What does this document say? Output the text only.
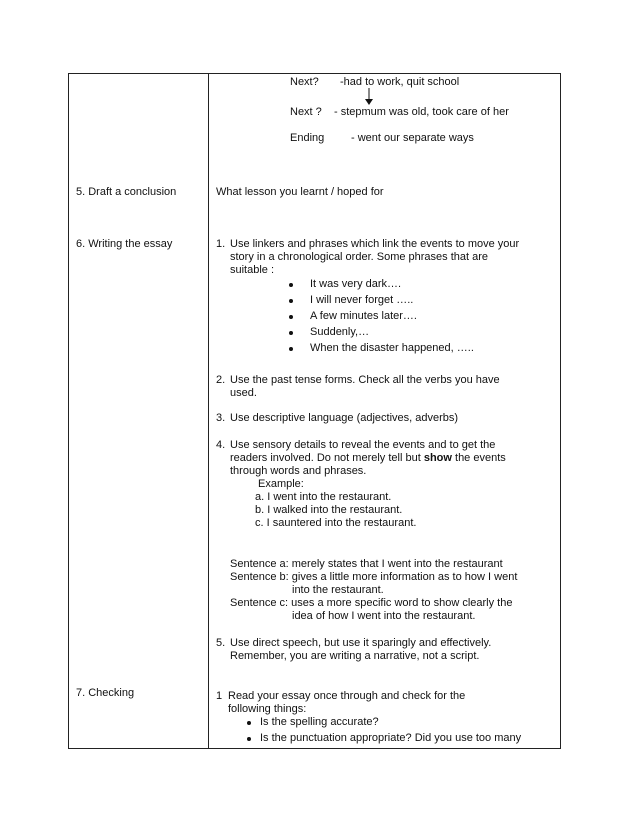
Next? -had to work, quit school
Next ? - stepmum was old, took care of her
Ending - went our separate ways
5. Draft a conclusion	What lesson you learnt / hoped for
6. Writing the essay	1. Use linkers and phrases which link the events to move your
story in a chronological order. Some phrases that are
suitable :
It was very dark….
I will never forget …..
A few minutes later….
Suddenly,…
When the disaster happened, …..
2. Use the past tense forms. Check all the verbs you have
used.
3. Use descriptive language (adjectives, adverbs)
4. Use sensory details to reveal the events and to get the
readers involved. Do not merely tell but show the events
through words and phrases.
Example:
a. I went into the restaurant.
b. I walked into the restaurant.
c. I sauntered into the restaurant.
Sentence a: merely states that I went into the restaurant
Sentence b: gives a little more information as to how I went
into the restaurant.
Sentence c: uses a more specific word to show clearly the
idea of how I went into the restaurant.
5. Use direct speech, but use it sparingly and effectively.
Remember, you are writing a narrative, not a script.
7. Checking	1 Read your essay once through and check for the
following things:
Is the spelling accurate?
Is the punctuation appropriate? Did you use too many
